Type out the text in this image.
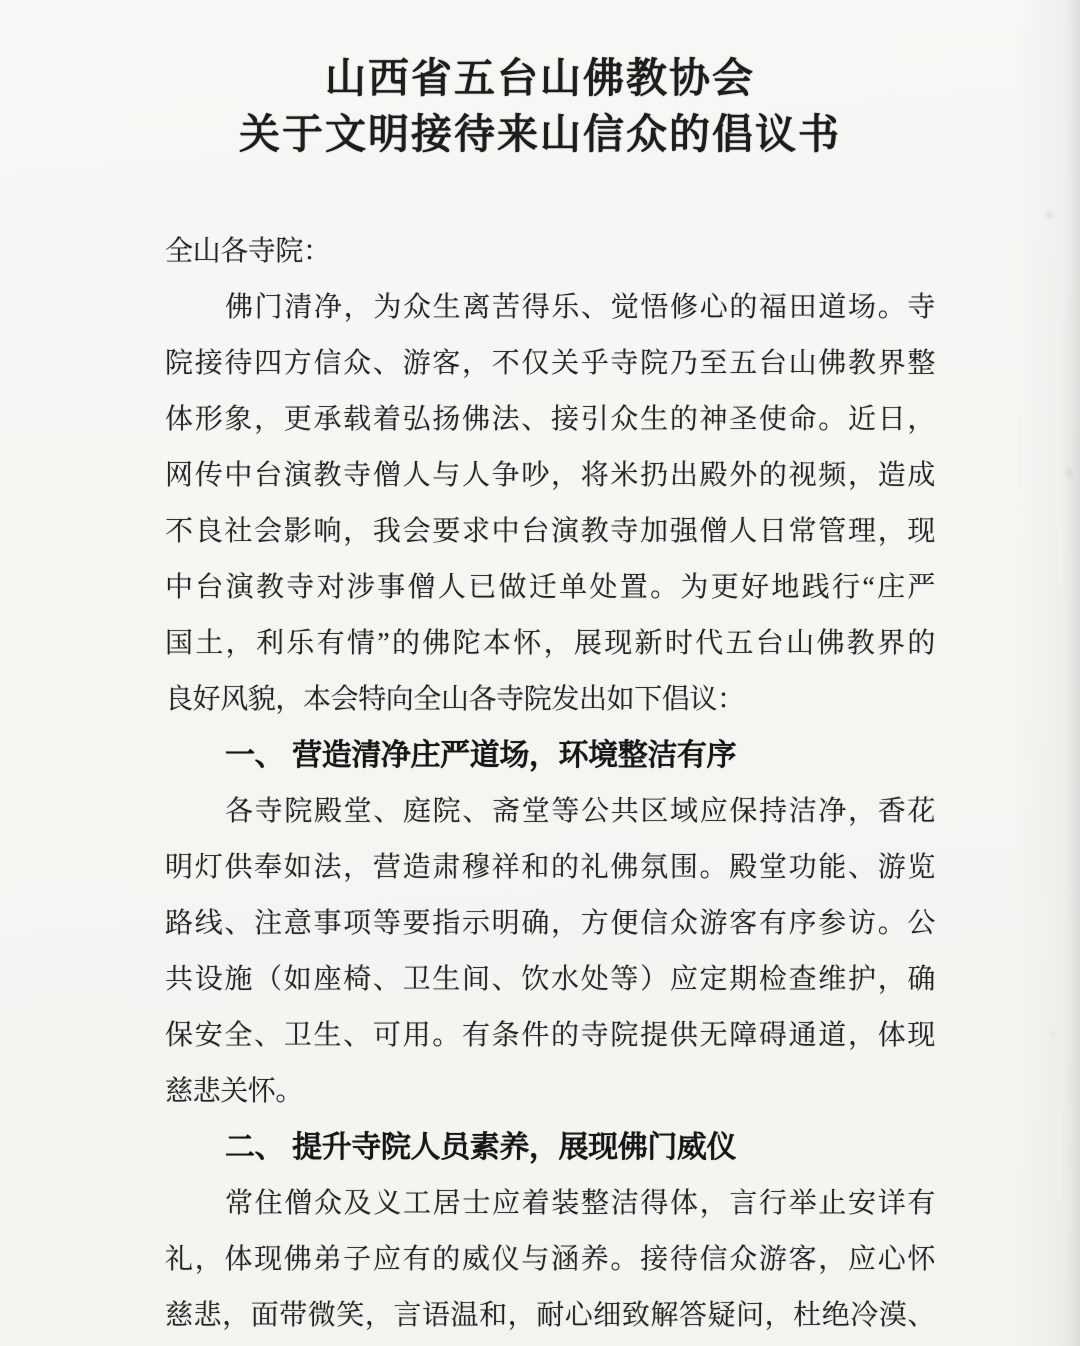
山西省五台山佛教协会
关于文明接待来山信众的倡议书
全山各寺院：
佛门清净，为众生离苦得乐、觉悟修心的福田道场。寺
院接待四方信众、游客，不仅关乎寺院乃至五台山佛教界整
体形象，更承载着弘扬佛法、接引众生的神圣使命。近日，
网传中台演教寺僧人与人争吵，将米扔出殿外的视频，造成
不良社会影响，我会要求中台演教寺加强僧人日常管理，现
中台演教寺对涉事僧人已做迁单处置。为更好地践行“庄严
国土，利乐有情”的佛陀本怀，展现新时代五台山佛教界的
良好风貌，本会特向全山各寺院发出如下倡议：
一、 营造清净庄严道场，环境整洁有序
各寺院殿堂、庭院、斋堂等公共区域应保持洁净，香花
明灯供奉如法，营造肃穆祥和的礼佛氛围。殿堂功能、游览
路线、注意事项等要指示明确，方便信众游客有序参访。公
共设施（如座椅、卫生间、饮水处等）应定期检查维护，确
保安全、卫生、可用。有条件的寺院提供无障碍通道，体现
慈悲关怀。
二、 提升寺院人员素养，展现佛门威仪
常住僧众及义工居士应着装整洁得体，言行举止安详有
礼，体现佛弟子应有的威仪与涵养。接待信众游客，应心怀
慈悲，面带微笑，言语温和，耐心细致解答疑问，杜绝冷漠、
